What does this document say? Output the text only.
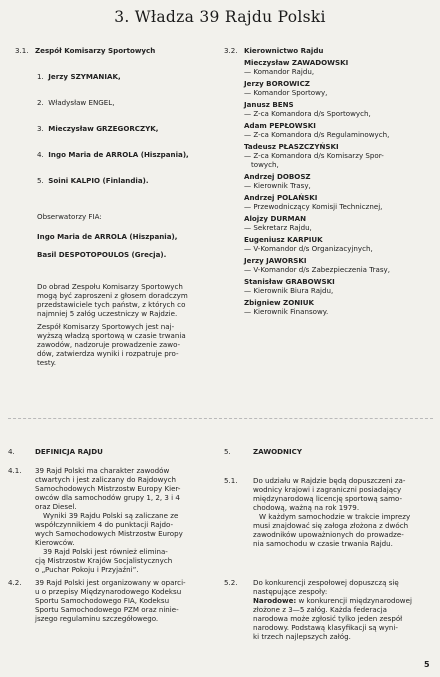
3. Władza 39 Rajdu Polski
3.1. Zespół Komisarzy Sportowych
1. Jerzy SZYMANIAK,
2. Władysław ENGEL,
3. Mieczysław GRZEGORCZYK,
4. Ingo Maria de ARROLA (Hiszpania),
5. Soini KALPIO (Finlandia).
Obserwatorzy FIA:
Ingo Maria de ARROLA (Hiszpania),
Basil DESPOTOPOULOS (Grecja).
Do obrad Zespołu Komisarzy Sportowych
mogą być zaproszeni z głosem doradczym
przedstawiciele tych państw, z których co
najmniej 5 załóg uczestniczy w Rajdzie.
Zespół Komisarzy Sportowych jest naj-
wyższą władzą sportową w czasie trwania
zawodów, nadzoruje prowadzenie zawo-
dów, zatwierdza wyniki i rozpatruje pro-
testy.
3.2. Kierownictwo Rajdu
Mieczysław ZAWADOWSKI
— Komandor Rajdu,
Jerzy BOROWICZ
— Komandor Sportowy,
Janusz BENS
— Z-ca Komandora d/s Sportowych,
Adam PEPŁOWSKI
— Z-ca Komandora d/s Regulaminowych,
Tadeusz PŁASZCZYŃSKI
— Z-ca Komandora d/s Komisarzy Spor-
towych,
Andrzej DOBOSZ
— Kierownik Trasy,
Andrzej POLAŃSKI
— Przewodniczący Komisji Technicznej,
Alojzy DURMAN
— Sekretarz Rajdu,
Eugeniusz KARPIUK
— V-Komandor d/s Organizacyjnych,
Jerzy JAWORSKI
— V-Komandor d/s Zabezpieczenia Trasy,
Stanisław GRABOWSKI
— Kierownik Biura Rajdu,
Zbigniew ZONIUK
— Kierownik Finansowy.
4.	DEFINICJA RAJDU
4.1. 39 Rajd Polski ma charakter zawodów
ctwartych i jest zaliczany do Rajdowych
Samochodowych Mistrzostw Europy Kier-
owców dla samochodów grupy 1, 2, 3 i 4
oraz Diesel.
Wyniki 39 Rajdu Polski są zaliczane ze
współczynnikiem 4 do punktacji Rajdo-
wych Samochodowych Mistrzostw Europy
Kierowców.
39 Rajd Polski jest również elimina-
cją Mistrzostw Krajów Socjalistycznych
o „Puchar Pokoju i Przyjaźni”.
4.2. 39 Rajd Polski jest organizowany w oparci-
u o przepisy Międzynarodowego Kodeksu
Sportu Samochodowego FIA, Kodeksu
Sportu Samochodowego PZM oraz ninie-
jszego regulaminu szczegółowego.
5.	ZAWODNICY
5.1. Do udziału w Rajdzie będą dopuszczeni za-
wodnicy krajowi i zagraniczni posiadający
międzynarodową licencję sportową samo-
chodową, ważną na rok 1979.
W każdym samochodzie w trakcie imprezy
musi znajdować się załoga złożona z dwóch
zawodników upoważnionych do prowadze-
nia samochodu w czasie trwania Rajdu.
5.2. Do konkurencji zespołowej dopuszczą się
następujące zespoły:
Narodowe: w konkurencji międzynarodowej
złożone z 3—5 załóg. Każda federacja
narodowa może zgłosić tylko jeden zespół
narodowy. Podstawą klasyfikacji są wyni-
ki trzech najlepszych załóg.
5
